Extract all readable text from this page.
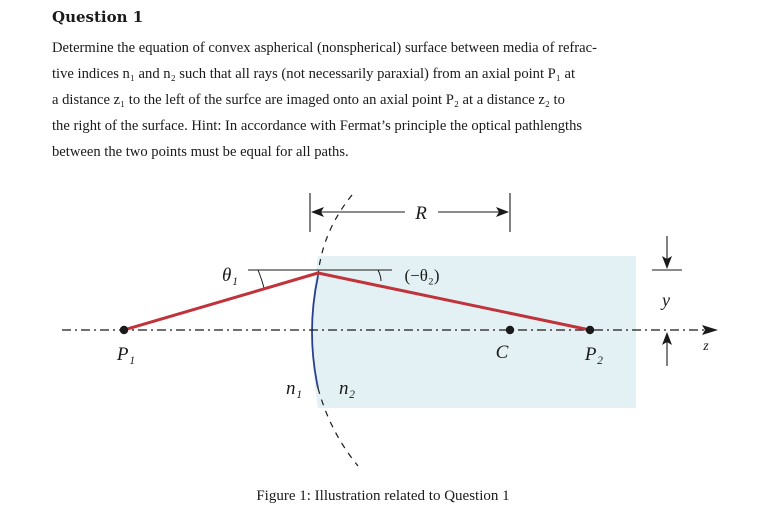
Question 1
Determine the equation of convex aspherical (nonspherical) surface between media of refrac-
tive indices n₁ and n₂ such that all rays (not necessarily paraxial) from an axial point P₁ at
a distance z₁ to the left of the surfce are imaged onto an axial point P₂ at a distance z₂ to
the right of the surface. Hint: In accordance with Fermat’s principle the optical pathlengths
between the two points must be equal for all paths.
R
y
z
θ₁	(−θ₂)
P₁	C	P₂
n₁ n₂
Figure 1: Illustration related to Question 1
